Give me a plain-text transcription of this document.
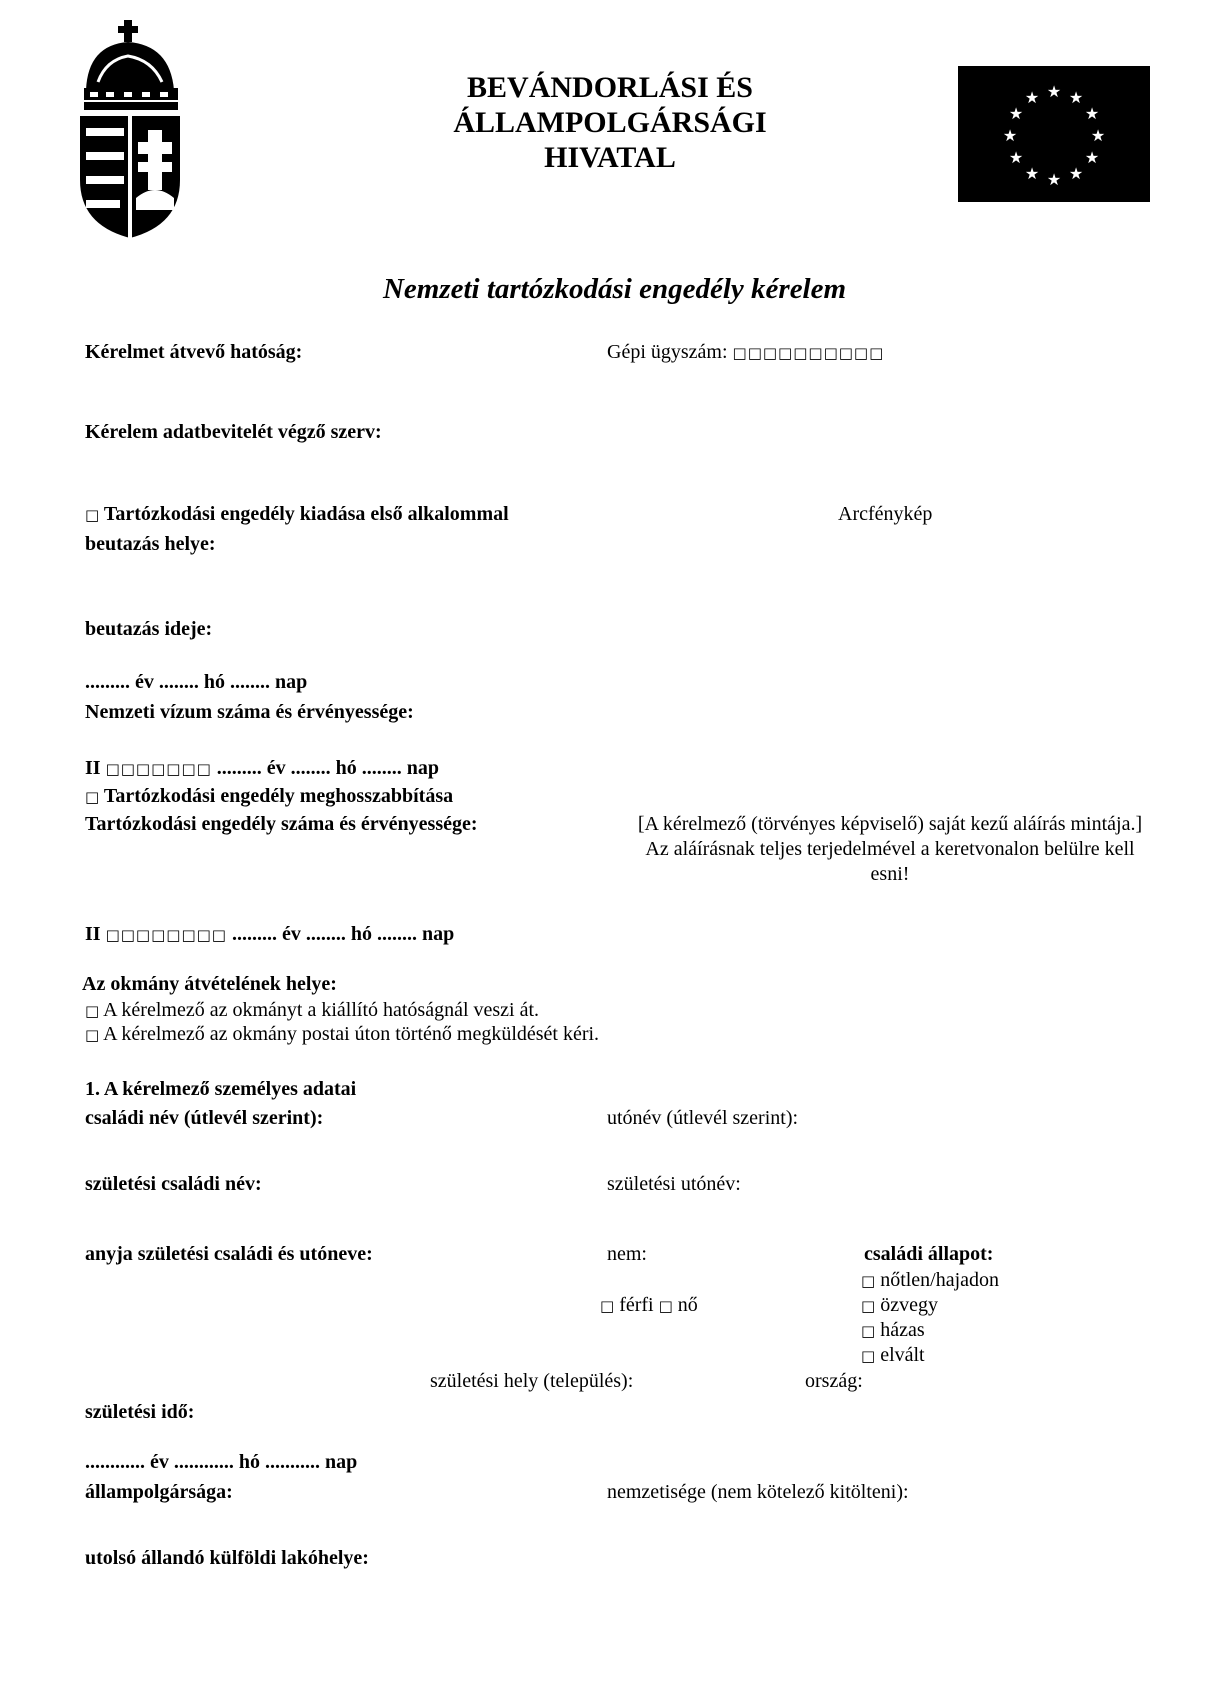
BEVÁNDORLÁSI ÉS
ÁLLAMPOLGÁRSÁGI
HIVATAL
★ ★
★
★
★
★
★
★
★
★
★
★
Nemzeti tartózkodási engedély kérelem
Kérelmet átvevő hatóság:	Gépi ügyszám: □□□□□□□□□□
Kérelem adatbevitelét végző szerv:
□ Tartózkodási engedély kiadása első alkalommal	Arcfénykép
beutazás helye:
beutazás ideje:
......... év ........ hó ........ nap
Nemzeti vízum száma és érvényessége:
II □□□□□□□ ......... év ........ hó ........ nap
□ Tartózkodási engedély meghosszabbítása
Tartózkodási engedély száma és érvényessége:	[A kérelmező (törvényes képviselő) saját kezű aláírás mintája.] Az aláírásnak teljes terjedelmével a keretvonalon belülre kell esni!
II □□□□□□□□ ......... év ........ hó ........ nap
Az okmány átvételének helye:
□ A kérelmező az okmányt a kiállító hatóságnál veszi át.
□ A kérelmező az okmány postai úton történő megküldését kéri.
1. A kérelmező személyes adatai
családi név (útlevél szerint):	utónév (útlevél szerint):
születési családi név:	születési utónév:
anyja születési családi és utóneve:	nem:	családi állapot:
□ nőtlen/hajadon
□ férfi □ nő	□ özvegy
□ házas
□ elvált
születési hely (település):	ország:
születési idő:
............ év ............ hó ........... nap
állampolgársága:	nemzetisége (nem kötelező kitölteni):
utolsó állandó külföldi lakóhelye:
